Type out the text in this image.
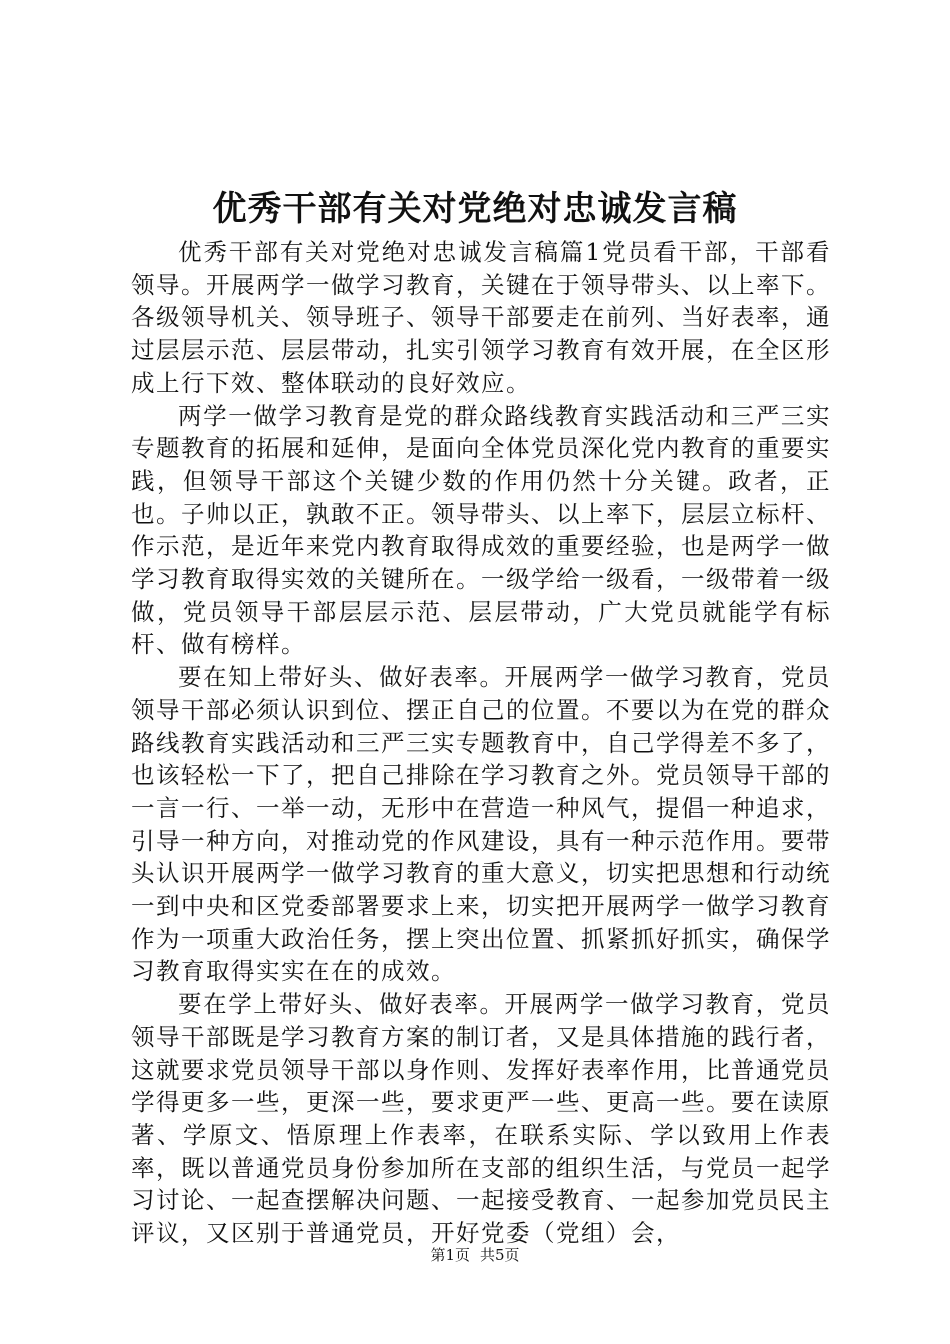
优秀干部有关对党绝对忠诚发言稿

优秀干部有关对党绝对忠诚发言稿篇1党员看干部，干部看领导。开展两学一做学习教育，关键在于领导带头、以上率下。各级领导机关、领导班子、领导干部要走在前列、当好表率，通过层层示范、层层带动，扎实引领学习教育有效开展，在全区形成上行下效、整体联动的良好效应。

两学一做学习教育是党的群众路线教育实践活动和三严三实专题教育的拓展和延伸，是面向全体党员深化党内教育的重要实践，但领导干部这个关键少数的作用仍然十分关键。政者，正也。子帅以正，孰敢不正。领导带头、以上率下，层层立标杆、作示范，是近年来党内教育取得成效的重要经验，也是两学一做学习教育取得实效的关键所在。一级学给一级看，一级带着一级做，党员领导干部层层示范、层层带动，广大党员就能学有标杆、做有榜样。

要在知上带好头、做好表率。开展两学一做学习教育，党员领导干部必须认识到位、摆正自己的位置。不要以为在党的群众路线教育实践活动和三严三实专题教育中，自己学得差不多了，也该轻松一下了，把自己排除在学习教育之外。党员领导干部的一言一行、一举一动，无形中在营造一种风气，提倡一种追求，引导一种方向，对推动党的作风建设，具有一种示范作用。要带头认识开展两学一做学习教育的重大意义，切实把思想和行动统一到中央和区党委部署要求上来，切实把开展两学一做学习教育作为一项重大政治任务，摆上突出位置、抓紧抓好抓实，确保学习教育取得实实在在的成效。

要在学上带好头、做好表率。开展两学一做学习教育，党员领导干部既是学习教育方案的制订者，又是具体措施的践行者，这就要求党员领导干部以身作则、发挥好表率作用，比普通党员学得更多一些，更深一些，要求更严一些、更高一些。要在读原著、学原文、悟原理上作表率，在联系实际、学以致用上作表率，既以普通党员身份参加所在支部的组织生活，与党员一起学习讨论、一起查摆解决问题、一起接受教育、一起参加党员民主评议，又区别于普通党员，开好党委（党组）会，

第1页 共5页
